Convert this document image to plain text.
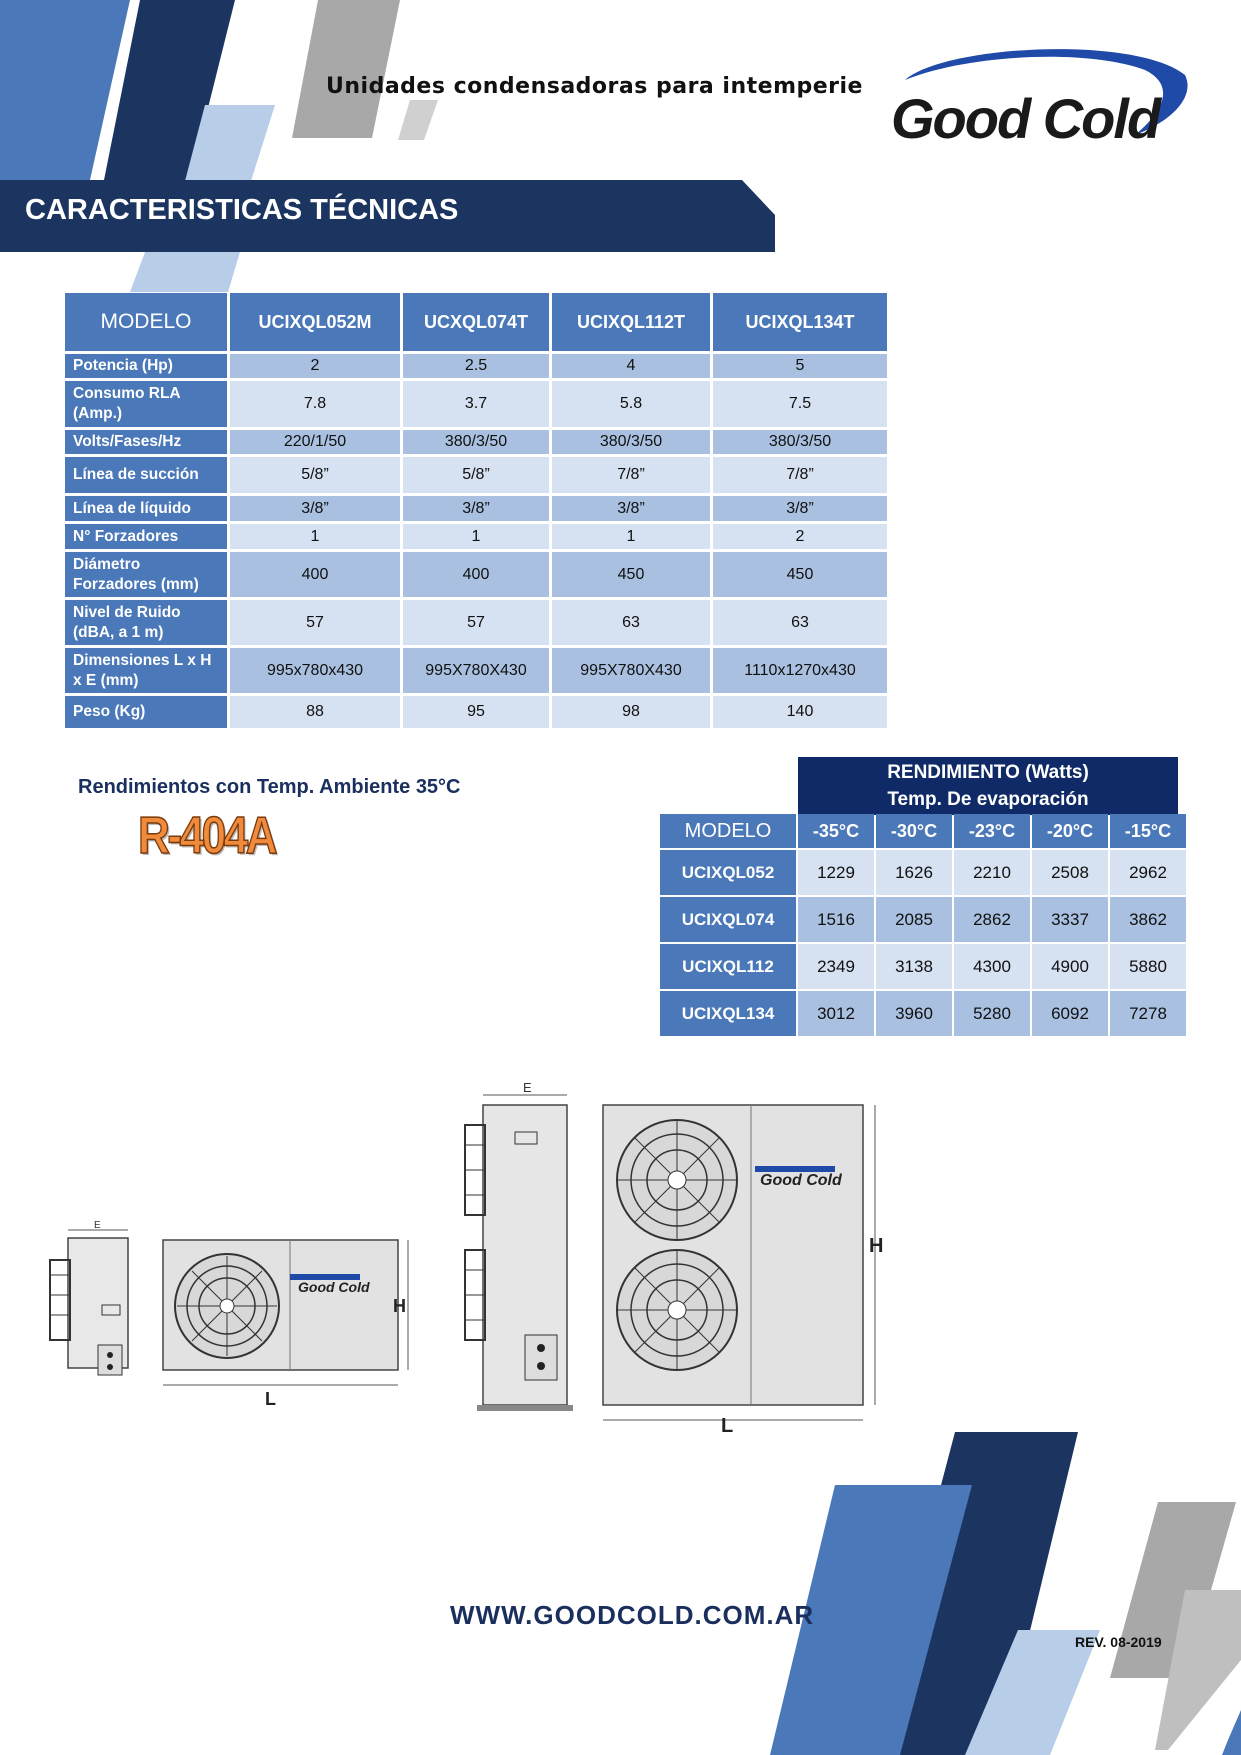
Unidades condensadoras para intemperie
Good Cold
CARACTERISTICAS TÉCNICAS
MODELO	UCIXQL052M	UCXQL074T	UCIXQL112T	UCIXQL134T
Potencia (Hp)	2	2.5	4	5
Consumo RLA (Amp.)	7.8	3.7	5.8	7.5
Volts/Fases/Hz	220/1/50	380/3/50	380/3/50	380/3/50
Línea de succión	5/8”	5/8”	7/8”	7/8”
Línea de líquido	3/8”	3/8”	3/8”	3/8”
N° Forzadores	1	1	1	2
Diámetro Forzadores (mm)	400	400	450	450
Nivel de Ruido (dBA, a 1 m)	57	57	63	63
Dimensiones L x H x E (mm)	995x780x430	995X780X430	995X780X430	1110x1270x430
Peso (Kg)	88	95	98	140
Rendimientos con Temp. Ambiente 35°C
R-404A
RENDIMIENTO (Watts)
Temp. De evaporación
MODELO	-35°C	-30°C	-23°C	-20°C	-15°C
UCIXQL052	1229	1626	2210	2508	2962
UCIXQL074	1516	2085	2862	3337	3862
UCIXQL112	2349	3138	4300	4900	5880
UCIXQL134	3012	3960	5280	6092	7278
E
Good Cold
H
L
E
Good Cold
H
L
WWW.GOODCOLD.COM.AR
REV. 08-2019
